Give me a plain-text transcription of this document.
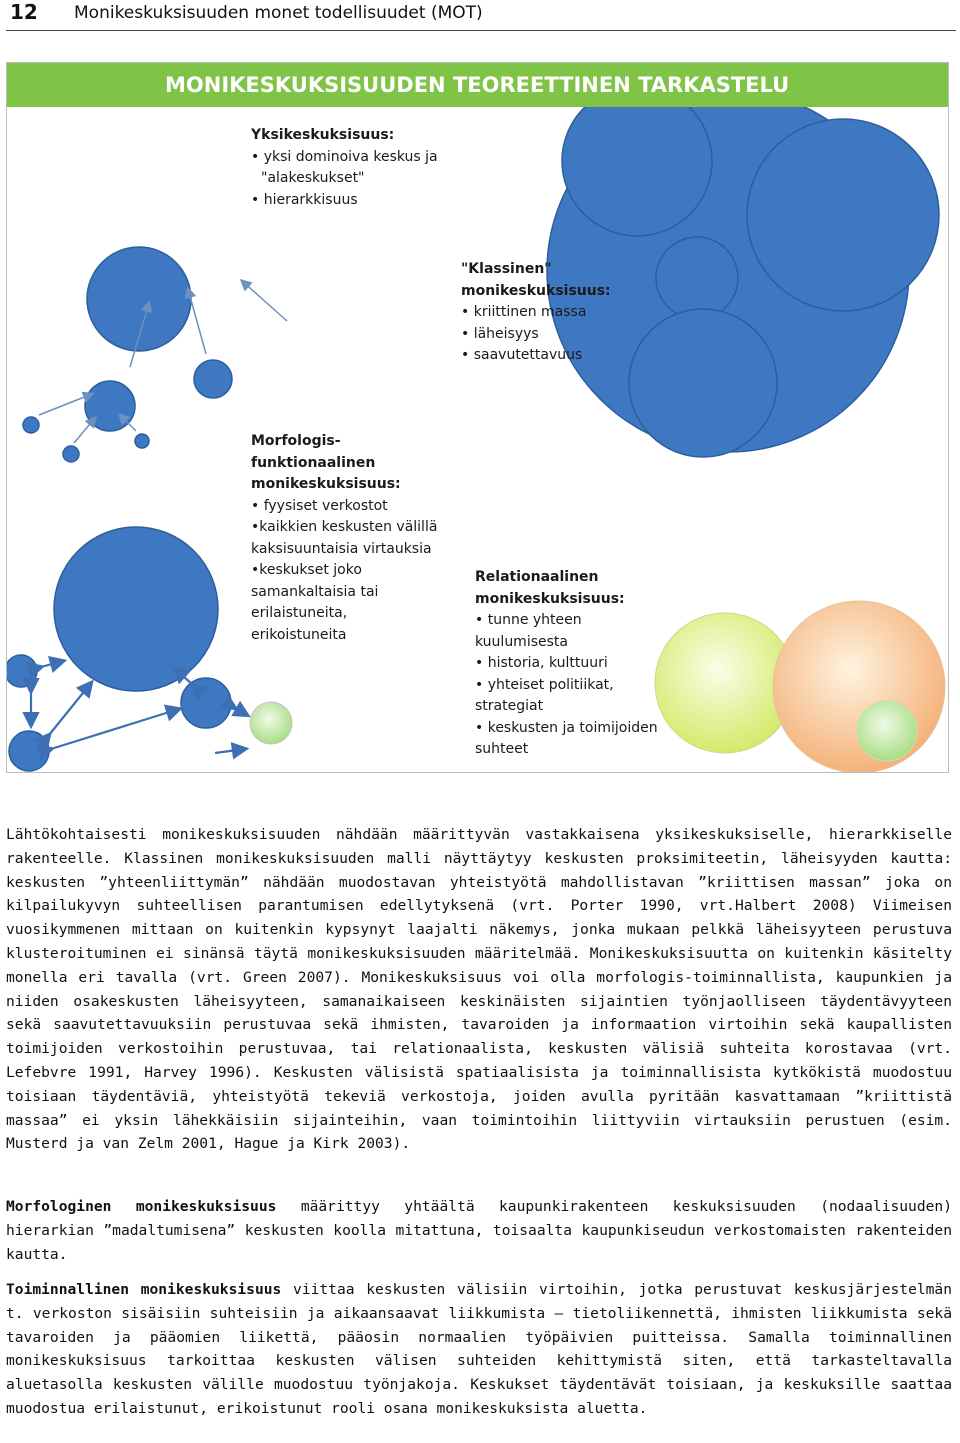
12 Monikeskuksisuuden monet todellisuudet (MOT)
MONIKESKUKSISUUDEN TEOREETTINEN TARKASTELU
Yksikeskuksisuus:
• yksi dominoiva keskus ja
"alakeskukset"
• hierarkkisuus
"Klassinen"
monikeskuksisuus:
• kriittinen massa
• läheisyys
• saavutettavuus
Morfologis-
funktionaalinen
monikeskuksisuus:
• fyysiset verkostot
•kaikkien keskusten välillä
kaksisuuntaisia virtauksia
•keskukset joko
samankaltaisia tai
erilaistuneita,
erikoistuneita
Relationaalinen
monikeskuksisuus:
• tunne yhteen
kuulumisesta
• historia, kulttuuri
• yhteiset politiikat,
strategiat
• keskusten ja toimijoiden
suhteet

Lähtökohtaisesti monikeskuksisuuden nähdään määrittyvän vastakkaisena yksikeskuksiselle, hierarkkiselle rakenteelle. Klassinen monikeskuksisuuden malli näyttäytyy keskusten proksimiteetin, läheisyyden kautta: keskusten ”yhteenliittymän” nähdään muodostavan yhteistyötä mahdollistavan ”kriittisen massan” joka on kilpailukyvyn suhteellisen parantumisen edellytyksenä (vrt. Porter 1990, vrt.Halbert 2008) Viimeisen vuosikymmenen mittaan on kuitenkin kypsynyt laajalti näkemys, jonka mukaan pelkkä läheisyyteen perustuva klusteroituminen ei sinänsä täytä monikeskuksisuuden määritelmää. Monikeskuksisuutta on kuitenkin käsitelty monella eri tavalla (vrt. Green 2007). Monikeskuksisuus voi olla morfologis-toiminnallista, kaupunkien ja niiden osakeskusten läheisyyteen, samanaikaiseen keskinäisten sijaintien työnjaolliseen täydentävyyteen sekä saavutettavuuksiin perustuvaa sekä ihmisten, tavaroiden ja informaation virtoihin sekä kaupallisten toimijoiden verkostoihin perustuvaa, tai relationaalista, keskusten välisiä suhteita korostavaa (vrt. Lefebvre 1991, Harvey 1996). Keskusten välisistä spatiaalisista ja toiminnallisista kytkökistä muodostuu toisiaan täydentäviä, yhteistyötä tekeviä verkostoja, joiden avulla pyritään kasvattamaan ”kriittistä massaa” ei yksin lähekkäisiin sijainteihin, vaan toimintoihin liittyviin virtauksiin perustuen (esim. Musterd ja van Zelm 2001, Hague ja Kirk 2003).

Morfologinen monikeskuksisuus määrittyy yhtäältä kaupunkirakenteen keskuksisuuden (nodaalisuuden) hierarkian ”madaltumisena” keskusten koolla mitattuna, toisaalta kaupunkiseudun verkostomaisten rakenteiden kautta.

Toiminnallinen monikeskuksisuus viittaa keskusten välisiin virtoihin, jotka perustuvat keskusjärjestelmän t. verkoston sisäisiin suhteisiin ja aikaansaavat liikkumista – tietoliikennettä, ihmisten liikkumista sekä tavaroiden ja pääomien liikettä, pääosin normaalien työpäivien puitteissa. Samalla toiminnallinen monikeskuksisuus tarkoittaa keskusten välisen suhteiden kehittymistä siten, että tarkasteltavalla aluetasolla keskusten välille muodostuu työnjakoja. Keskukset täydentävät toisiaan, ja keskuksille saattaa muodostua erilaistunut, erikoistunut rooli osana monikeskuksista aluetta.
